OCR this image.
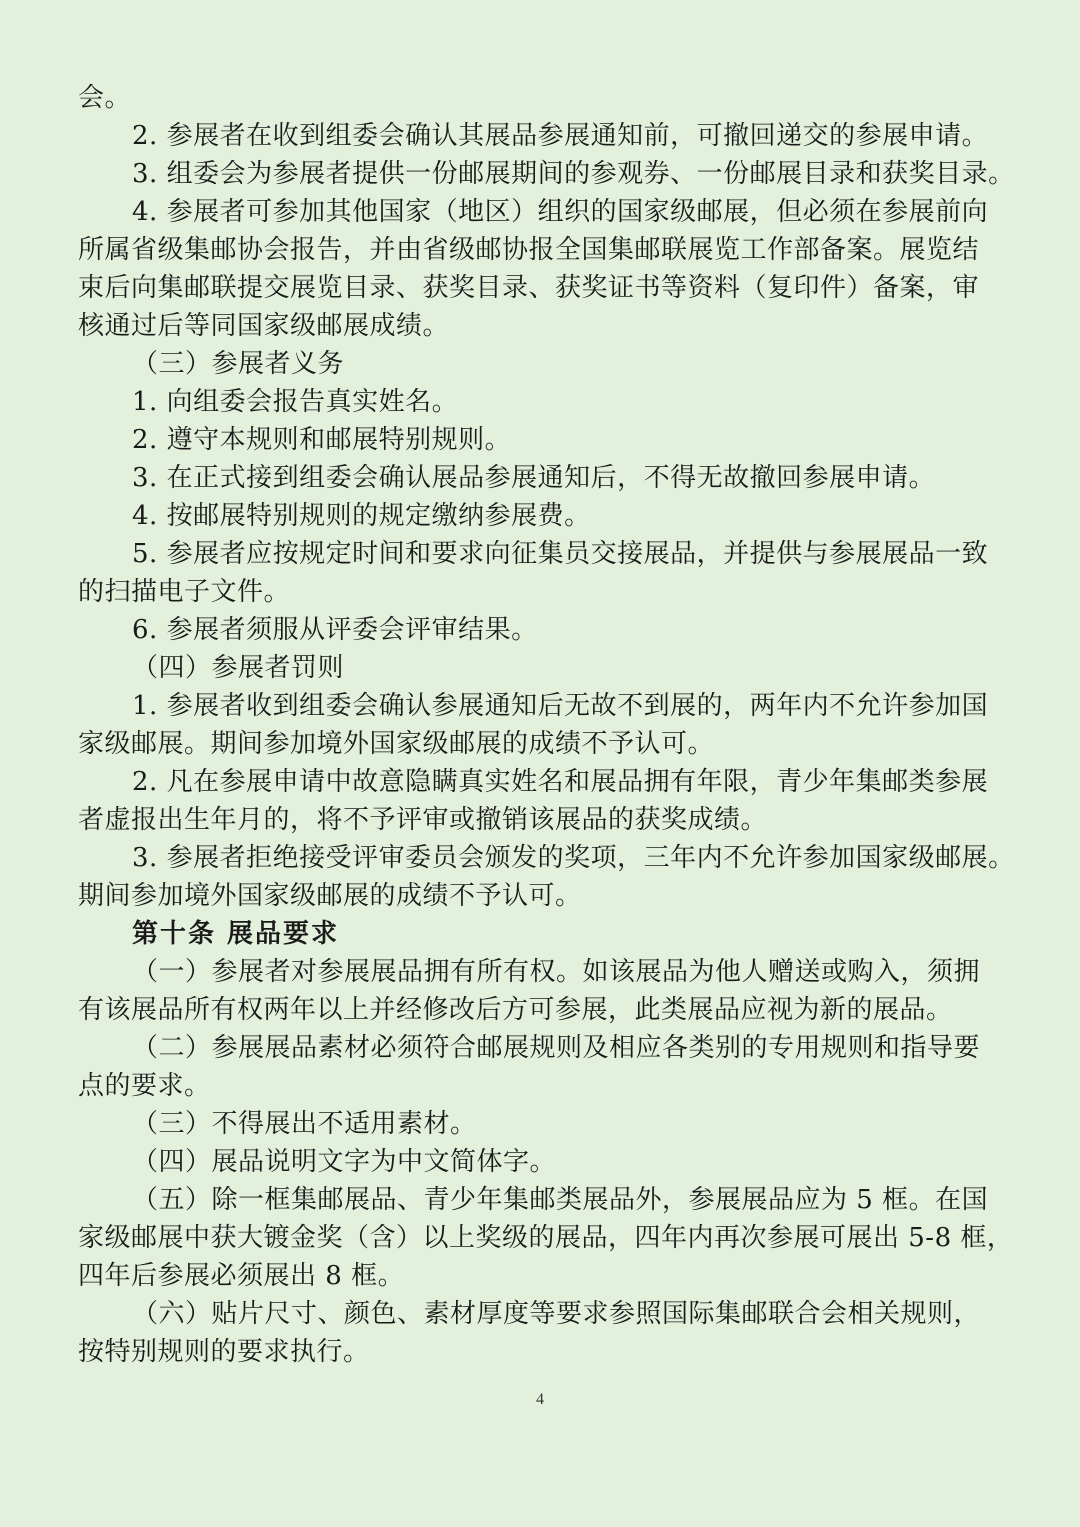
会。
2. 参展者在收到组委会确认其展品参展通知前，可撤回递交的参展申请。
3. 组委会为参展者提供一份邮展期间的参观券、一份邮展目录和获奖目录。
4. 参展者可参加其他国家（地区）组织的国家级邮展，但必须在参展前向
所属省级集邮协会报告，并由省级邮协报全国集邮联展览工作部备案。展览结
束后向集邮联提交展览目录、获奖目录、获奖证书等资料（复印件）备案，审
核通过后等同国家级邮展成绩。
（三）参展者义务
1. 向组委会报告真实姓名。
2. 遵守本规则和邮展特别规则。
3. 在正式接到组委会确认展品参展通知后，不得无故撤回参展申请。
4. 按邮展特别规则的规定缴纳参展费。
5. 参展者应按规定时间和要求向征集员交接展品，并提供与参展展品一致
的扫描电子文件。
6. 参展者须服从评委会评审结果。
（四）参展者罚则
1. 参展者收到组委会确认参展通知后无故不到展的，两年内不允许参加国
家级邮展。期间参加境外国家级邮展的成绩不予认可。
2. 凡在参展申请中故意隐瞒真实姓名和展品拥有年限，青少年集邮类参展
者虚报出生年月的，将不予评审或撤销该展品的获奖成绩。
3. 参展者拒绝接受评审委员会颁发的奖项，三年内不允许参加国家级邮展。
期间参加境外国家级邮展的成绩不予认可。
第十条 展品要求
（一）参展者对参展展品拥有所有权。如该展品为他人赠送或购入，须拥
有该展品所有权两年以上并经修改后方可参展，此类展品应视为新的展品。
（二）参展展品素材必须符合邮展规则及相应各类别的专用规则和指导要
点的要求。
（三）不得展出不适用素材。
（四）展品说明文字为中文简体字。
（五）除一框集邮展品、青少年集邮类展品外，参展展品应为 5 框。在国
家级邮展中获大镀金奖（含）以上奖级的展品，四年内再次参展可展出 5-8 框，
四年后参展必须展出 8 框。
（六）贴片尺寸、颜色、素材厚度等要求参照国际集邮联合会相关规则，
按特别规则的要求执行。
4
